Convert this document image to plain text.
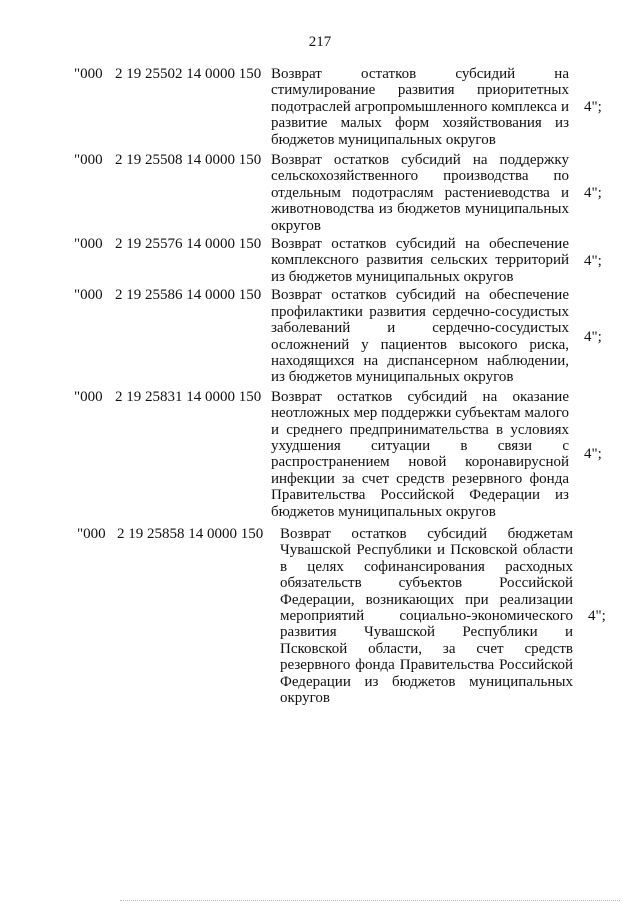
217
"000 2 19 25502 14 0000 150 Возврат остатков субсидий на стимулирование развития приоритетных подотраслей агропромышленного комплекса и развитие малых форм хозяйствования из бюджетов муниципальных округов
4";
"000 2 19 25508 14 0000 150 Возврат остатков субсидий на поддержку сельскохозяйственного производства по отдельным подотраслям растениеводства и животноводства из бюджетов муниципальных округов
4";
"000 2 19 25576 14 0000 150 Возврат остатков субсидий на обеспечение комплексного развития сельских территорий из бюджетов муниципальных округов
4";
"000 2 19 25586 14 0000 150 Возврат остатков субсидий на обеспечение профилактики развития сердечно-сосудистых заболеваний и сердечно-сосудистых осложнений у пациентов высокого риска, находящихся на диспансерном наблюдении, из бюджетов муниципальных округов
4";
"000 2 19 25831 14 0000 150 Возврат остатков субсидий на оказание неотложных мер поддержки субъектам малого и среднего предпринимательства в условиях ухудшения ситуации в связи с распространением новой коронавирусной инфекции за счет средств резервного фонда Правительства Российской Федерации из бюджетов муниципальных округов
4";
"000 2 19 25858 14 0000 150 Возврат остатков субсидий бюджетам Чувашской Республики и Псковской области в целях софинансирования расходных обязательств субъектов Российской Федерации, возникающих при реализации мероприятий социально-экономического развития Чувашской Республики и Псковской области, за счет средств резервного фонда Правительства Российской Федерации из бюджетов муниципальных округов
4";
